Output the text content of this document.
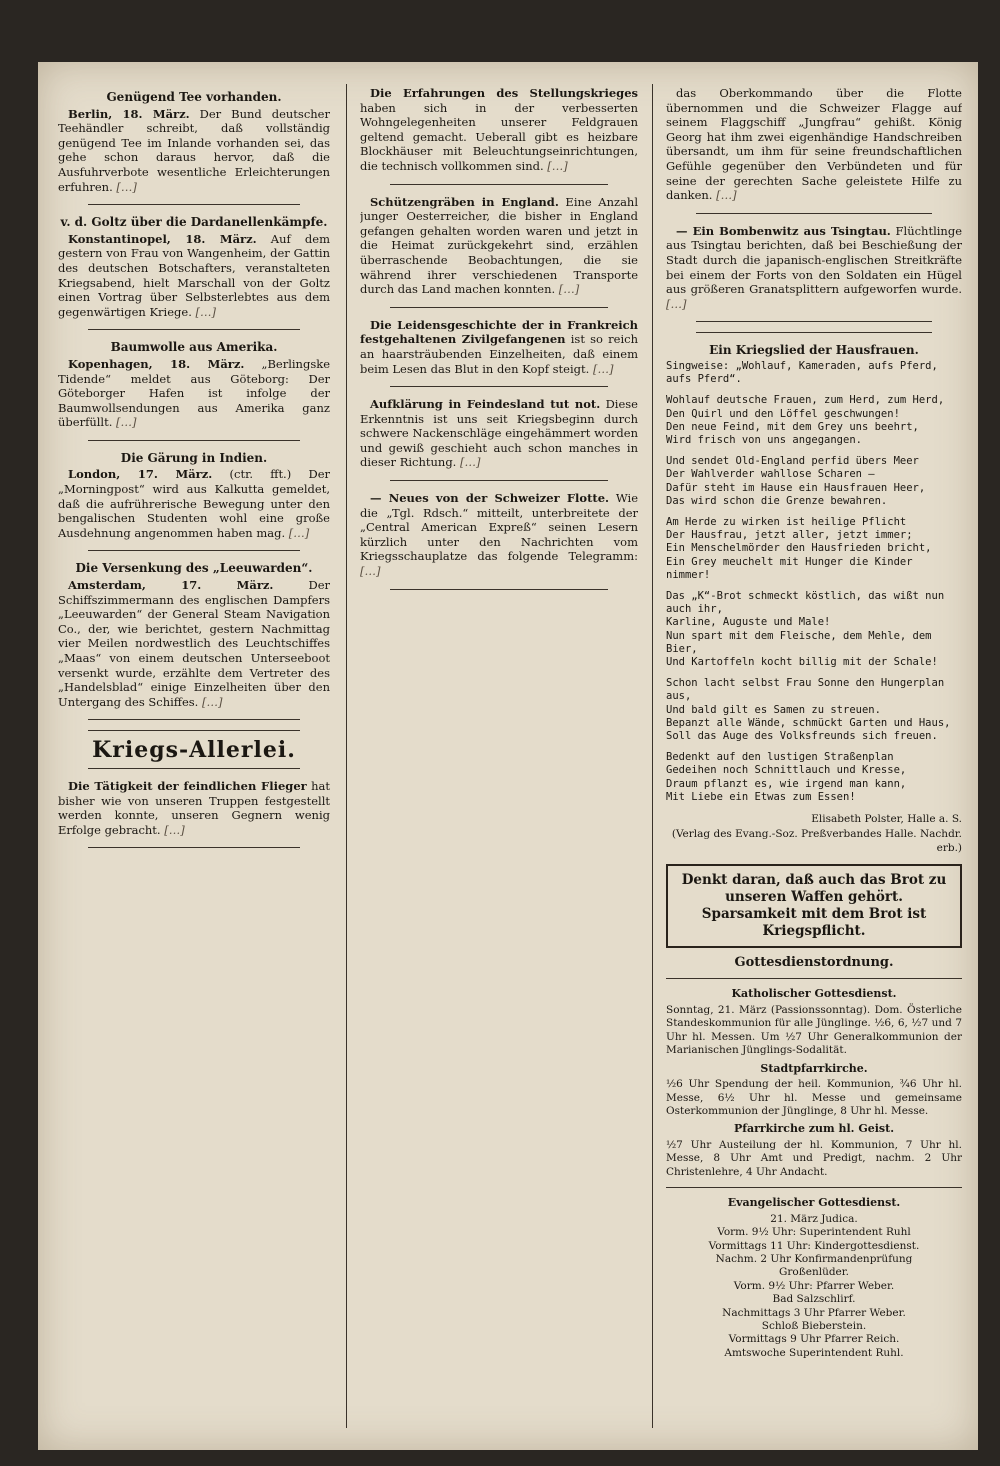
Genügend Tee vorhanden.

Berlin, 18. März. Der Bund deutscher Teehändler schreibt, daß vollständig genügend Tee im Inlande vorhanden sei, das gehe schon daraus hervor, daß die Ausfuhrverbote wesentliche Erleichterungen erfuhren. […]

v. d. Goltz über die Dardanellenkämpfe.

Konstantinopel, 18. März. Auf dem gestern von Frau von Wangenheim, der Gattin des deutschen Botschafters, veranstalteten Kriegsabend, hielt Marschall von der Goltz einen Vortrag über Selbsterlebtes aus dem gegenwärtigen Kriege. […]

Baumwolle aus Amerika.

Kopenhagen, 18. März. „Berlingske Tidende“ meldet aus Göteborg: Der Göteborger Hafen ist infolge der Baumwollsendungen aus Amerika ganz überfüllt. […]

Die Gärung in Indien.

London, 17. März. (ctr. fft.) Der „Morningpost“ wird aus Kalkutta gemeldet, daß die aufrührerische Bewegung unter den bengalischen Studenten wohl eine große Ausdehnung angenommen haben mag. […]

Die Versenkung des „Leeuwarden“.

Amsterdam, 17. März.	Der Schiffszimmermann des englischen Dampfers „Leeuwarden“ der General Steam Navigation Co., der, wie berichtet, gestern Nachmittag vier Meilen nordwestlich des Leuchtschiffes „Maas“ von einem deutschen Unterseeboot versenkt wurde, erzählte dem Vertreter des „Handelsblad“ einige Einzelheiten über den Untergang des Schiffes. […]

Kriegs-Allerlei.

Die Tätigkeit der feindlichen Flieger hat bisher wie von unseren Truppen festgestellt werden konnte, unseren Gegnern wenig Erfolge gebracht. […]

Die Erfahrungen des Stellungskrieges haben sich in der verbesserten Wohngelegenheiten unserer Feldgrauen geltend gemacht. Ueberall gibt es heizbare Blockhäuser mit Beleuchtungseinrichtungen, die technisch vollkommen sind. […]

Schützengräben in England. Eine Anzahl junger Oesterreicher, die bisher in England gefangen gehalten worden waren und jetzt in die Heimat zurückgekehrt sind, erzählen überraschende Beobachtungen, die sie während ihrer verschiedenen Transporte durch das Land machen konnten. […]

Die Leidensgeschichte der in Frankreich festgehaltenen Zivilgefangenen ist so reich an haarsträubenden Einzelheiten, daß einem beim Lesen das Blut in den Kopf steigt. […]

Aufklärung in Feindesland tut not. Diese Erkenntnis ist uns seit Kriegsbeginn durch schwere Nackenschläge eingehämmert worden und gewiß geschieht auch schon manches in dieser Richtung. […]

— Neues von der Schweizer Flotte. Wie die „Tgl. Rdsch.“ mitteilt, unterbreitete der „Central American Expreß“ seinen Lesern kürzlich unter den Nachrichten vom Kriegsschauplatze das folgende Telegramm: […]

das Oberkommando über die Flotte übernommen und die Schweizer Flagge auf seinem Flaggschiff „Jungfrau“ gehißt. König Georg hat ihm zwei eigenhändige Handschreiben übersandt, um ihm für seine freundschaftlichen Gefühle gegenüber den Verbündeten und für seine der gerechten Sache geleistete Hilfe zu danken. […]

— Ein Bombenwitz aus Tsingtau. Flüchtlinge aus Tsingtau berichten, daß bei Beschießung der Stadt durch die japanisch-englischen Streitkräfte bei einem der Forts von den Soldaten ein Hügel aus größeren Granatsplittern aufgeworfen wurde. […]

Ein Kriegslied der Hausfrauen.
Singweise: „Wohlauf, Kameraden, aufs Pferd, aufs Pferd“.
Wohlauf deutsche Frauen, zum Herd, zum Herd,
Den Quirl und den Löffel geschwungen!
Den neue Feind, mit dem Grey uns beehrt,
Wird frisch von uns angegangen.
Und sendet Old-England perfid übers Meer
Der Wahlverder wahllose Scharen —
Dafür steht im Hause ein Hausfrauen Heer,
Das wird schon die Grenze bewahren.
Am Herde zu wirken ist heilige Pflicht
Der Hausfrau, jetzt aller, jetzt immer;
Ein Menschelmörder den Hausfrieden bricht,
Ein Grey meuchelt mit Hunger die Kinder nimmer!
Das „K“-Brot schmeckt köstlich, das wißt nun auch ihr,
Karline, Auguste und Male!
Nun spart mit dem Fleische, dem Mehle, dem Bier,
Und Kartoffeln kocht billig mit der Schale!
Schon lacht selbst Frau Sonne den Hungerplan aus,
Und bald gilt es Samen zu streuen.
Bepanzt alle Wände, schmückt Garten und Haus,
Soll das Auge des Volksfreunds sich freuen.
Bedenkt auf den lustigen Straßenplan
Gedeihen noch Schnittlauch und Kresse,
Draum pflanzt es, wie irgend man kann,
Mit Liebe ein Etwas zum Essen!
Elisabeth Polster, Halle a. S.
(Verlag des Evang.-Soz. Preßverbandes Halle. Nachdr. erb.)
Denkt daran, daß auch das Brot zu unseren Waffen gehört. Sparsamkeit mit dem Brot ist Kriegspflicht.
Gottesdienstordnung.
Katholischer Gottesdienst.

Sonntag, 21. März (Passionssonntag). Dom. Österliche Standeskommunion für alle Jünglinge. ½6, 6, ½7 und 7 Uhr hl. Messen. Um ½7 Uhr Generalkommunion der Marianischen Jünglings-Sodalität.

Stadtpfarrkirche.

½6 Uhr Spendung der heil. Kommunion, ¾6 Uhr hl. Messe, 6½ Uhr hl. Messe und gemeinsame Osterkommunion der Jünglinge, 8 Uhr hl. Messe.

Pfarrkirche zum hl. Geist.

½7 Uhr Austeilung der hl. Kommunion, 7 Uhr hl. Messe, 8 Uhr Amt und Predigt, nachm. 2 Uhr Christenlehre, 4 Uhr Andacht.

Evangelischer Gottesdienst.
21. März Judica.
Vorm. 9½ Uhr: Superintendent Ruhl
Vormittags 11 Uhr: Kindergottesdienst.
Nachm. 2 Uhr Konfirmandenprüfung
Großenlüder.
Vorm. 9½ Uhr: Pfarrer Weber.
Bad Salzschlirf.
Nachmittags 3 Uhr Pfarrer Weber.
Schloß Bieberstein.
Vormittags 9 Uhr Pfarrer Reich.
Amtswoche Superintendent Ruhl.
